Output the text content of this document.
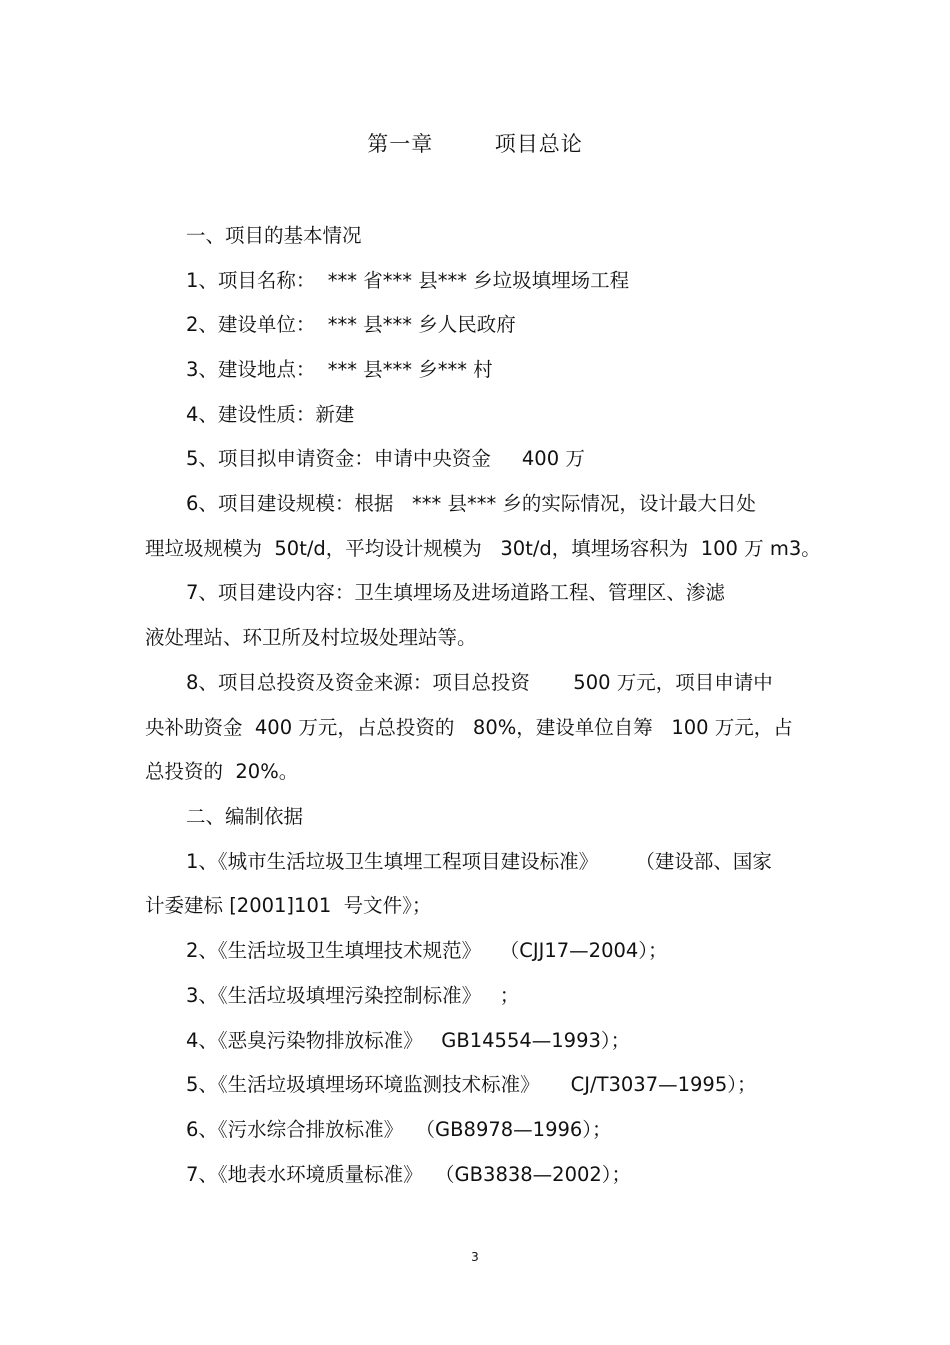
第一章        项目总论
一、项目的基本情况
1、项目名称：  *** 省*** 县*** 乡垃圾填埋场工程
2、建设单位：  *** 县*** 乡人民政府
3、建设地点：  *** 县*** 乡*** 村
4、建设性质：新建
5、项目拟申请资金：申请中央资金     400 万
6、项目建设规模：根据   *** 县*** 乡的实际情况，设计最大日处
理垃圾规模为  50t/d，平均设计规模为   30t/d，填埋场容积为  100 万 m3。
7、项目建设内容：卫生填埋场及进场道路工程、管理区、渗滤
液处理站、环卫所及村垃圾处理站等。
8、项目总投资及资金来源：项目总投资       500 万元，项目申请中
央补助资金  400 万元，占总投资的   80%，建设单位自筹   100 万元，占
总投资的  20%。
二、编制依据
1、《城市生活垃圾卫生填埋工程项目建设标准》      （建设部、国家
计委建标 [2001]101  号文件》；
2、《生活垃圾卫生填埋技术规范》   （CJJ17—2004）；
3、《生活垃圾填埋污染控制标准》   ；
4、《恶臭污染物排放标准》   GB14554—1993）；
5、《生活垃圾填埋场环境监测技术标准》     CJ/T3037—1995）；
6、《污水综合排放标准》  （GB8978—1996）；
7、《地表水环境质量标准》  （GB3838—2002）；
3
